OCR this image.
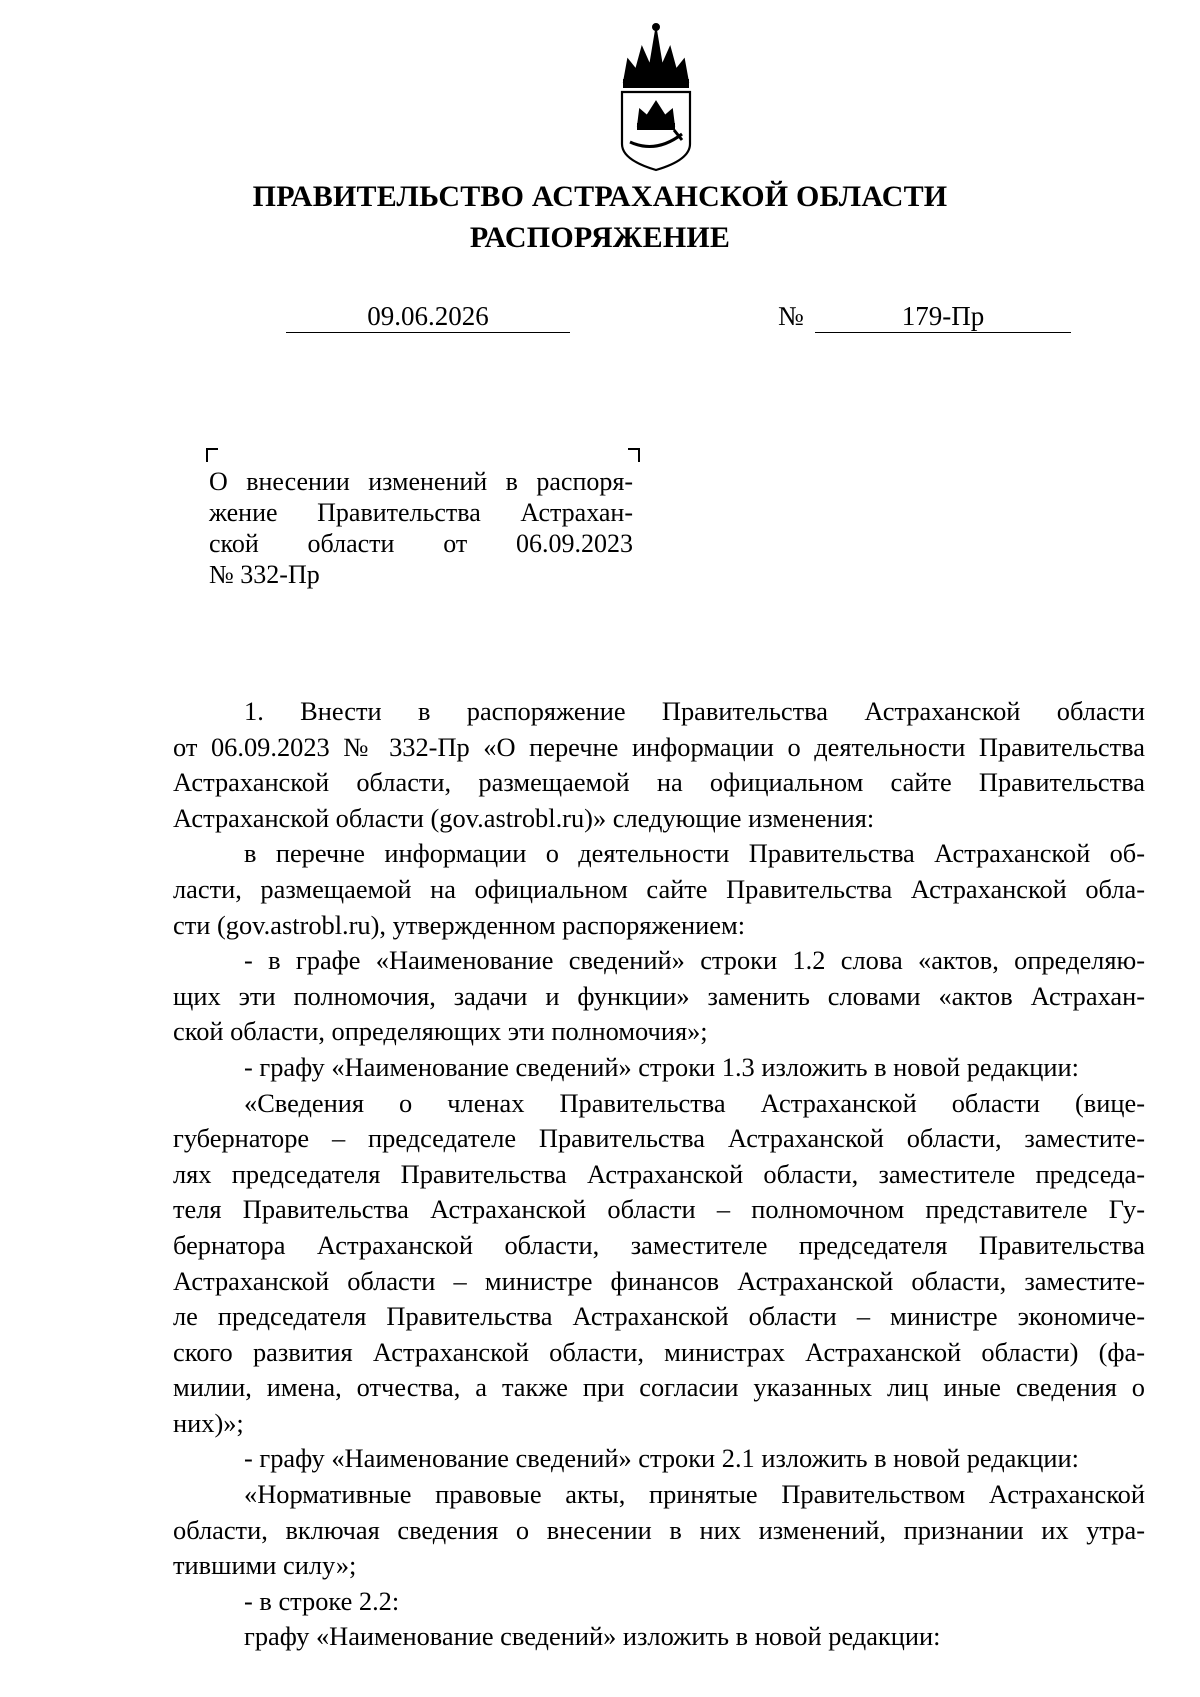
ПРАВИТЕЛЬСТВО АСТРАХАНСКОЙ ОБЛАСТИ
РАСПОРЯЖЕНИЕ
09.06.2026	№	179-Пр
О внесении изменений в распоря-
жение Правительства Астрахан-
ской области от 06.09.2023
№ 332-Пр
1. Внести в распоряжение Правительства Астраханской области
от 06.09.2023 № 332-Пр «О перечне информации о деятельности Правительства
Астраханской области, размещаемой на официальном сайте Правительства
Астраханской области (gov.astrobl.ru)» следующие изменения:
в перечне информации о деятельности Правительства Астраханской об-
ласти, размещаемой на официальном сайте Правительства Астраханской обла-
сти (gov.astrobl.ru), утвержденном распоряжением:
- в графе «Наименование сведений» строки 1.2 слова «актов, определяю-
щих эти полномочия, задачи и функции» заменить словами «актов Астрахан-
ской области, определяющих эти полномочия»;
- графу «Наименование сведений» строки 1.3 изложить в новой редакции:
«Сведения о членах Правительства Астраханской области (вице-
губернаторе – председателе Правительства Астраханской области, заместите-
лях председателя Правительства Астраханской области, заместителе председа-
теля Правительства Астраханской области – полномочном представителе Гу-
бернатора Астраханской области, заместителе председателя Правительства
Астраханской области – министре финансов Астраханской области, заместите-
ле председателя Правительства Астраханской области – министре экономиче-
ского развития Астраханской области, министрах Астраханской области) (фа-
милии, имена, отчества, а также при согласии указанных лиц иные сведения о
них)»;
- графу «Наименование сведений» строки 2.1 изложить в новой редакции:
«Нормативные правовые акты, принятые Правительством Астраханской
области, включая сведения о внесении в них изменений, признании их утра-
тившими силу»;
- в строке 2.2:
графу «Наименование сведений» изложить в новой редакции:
